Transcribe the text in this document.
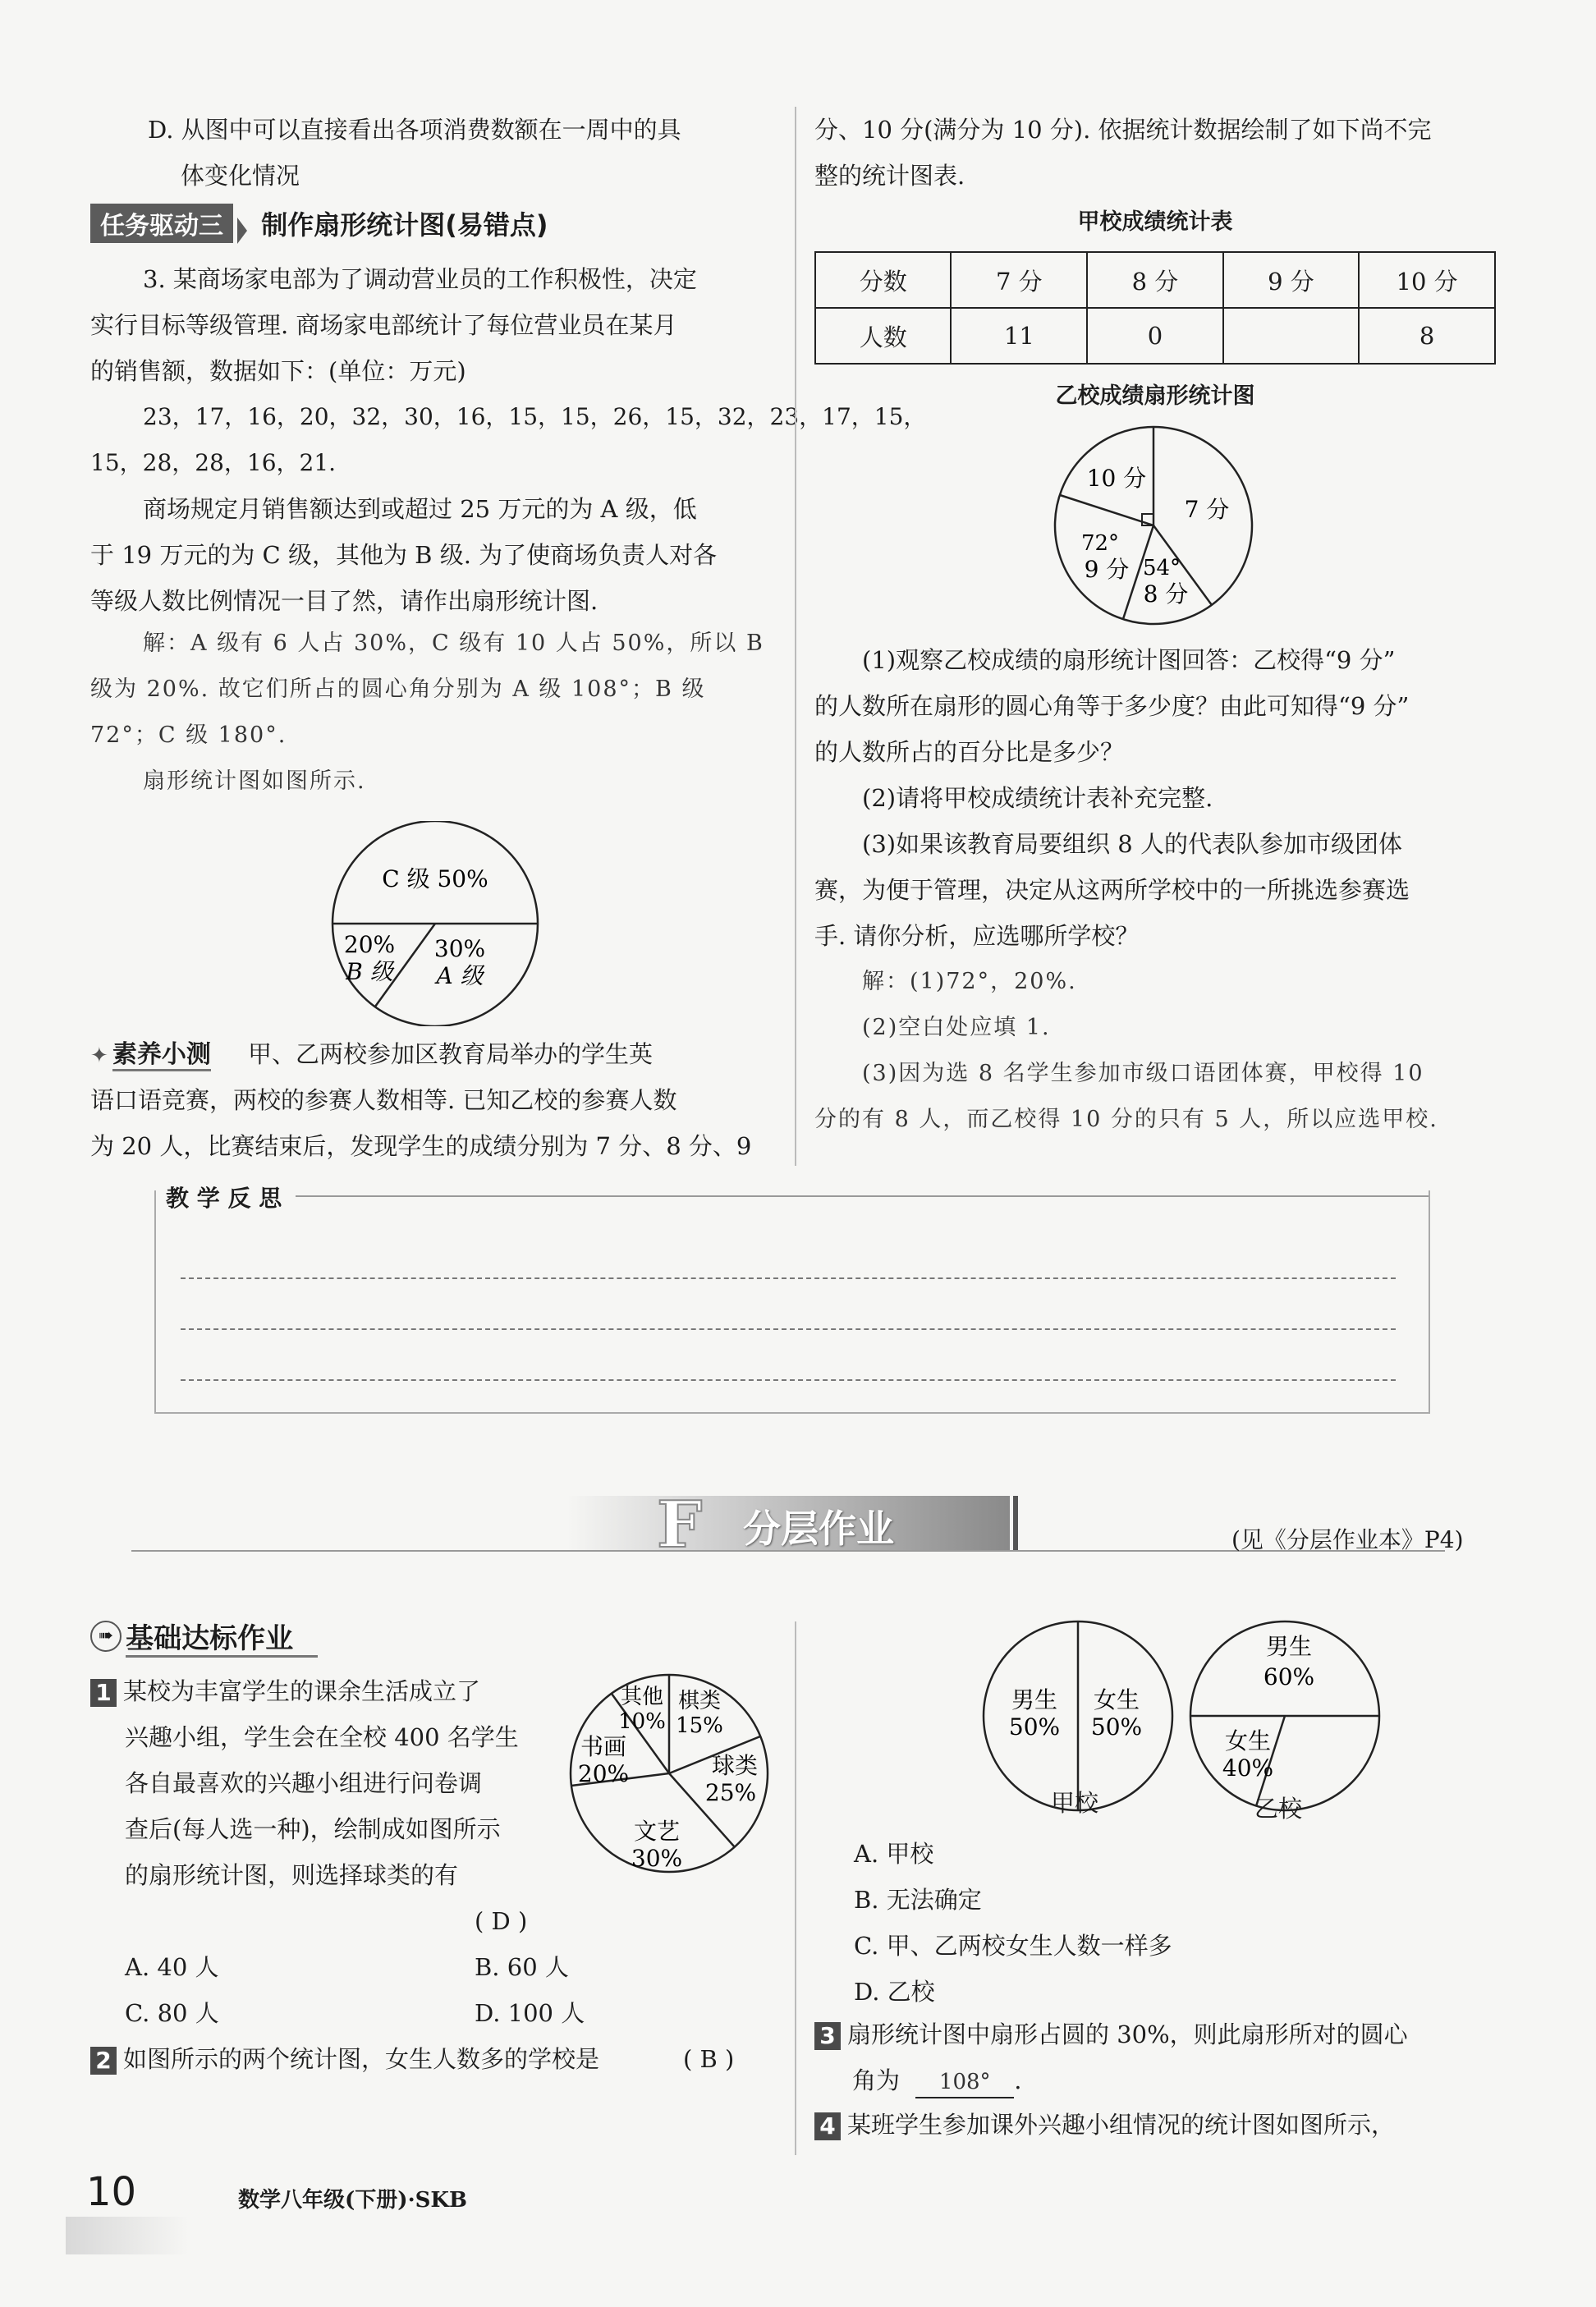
D. 从图中可以直接看出各项消费数额在一周中的具
体变化情况
任务驱动三 制作扇形统计图(易错点)
3. 某商场家电部为了调动营业员的工作积极性，决定
实行目标等级管理. 商场家电部统计了每位营业员在某月
的销售额，数据如下：(单位：万元)
23，17，16，20，32，30，16，15，15，26，15，32，23，17，15，
15，28，28，16，21.
商场规定月销售额达到或超过 25 万元的为 A 级，低
于 19 万元的为 C 级，其他为 B 级. 为了使商场负责人对各
等级人数比例情况一目了然，请作出扇形统计图.
解：A 级有 6 人占 30%，C 级有 10 人占 50%，所以 B
级为 20%. 故它们所占的圆心角分别为 A 级 108°；B 级
72°；C 级 180°.
扇形统计图如图所示.
C 级 50%
20%
B 级
30%
A 级
✦ 素养小测 甲、乙两校参加区教育局举办的学生英
语口语竞赛，两校的参赛人数相等. 已知乙校的参赛人数
为 20 人，比赛结束后，发现学生的成绩分别为 7 分、8 分、9
分、10 分(满分为 10 分). 依据统计数据绘制了如下尚不完
整的统计图表.
甲校成绩统计表
分数	7 分	8 分	9 分	10 分
人数	11	0		8
乙校成绩扇形统计图
10 分
7 分
72°
9 分 54°
8 分
(1)观察乙校成绩的扇形统计图回答：乙校得“9 分”
的人数所在扇形的圆心角等于多少度？由此可知得“9 分”
的人数所占的百分比是多少？
(2)请将甲校成绩统计表补充完整.
(3)如果该教育局要组织 8 人的代表队参加市级团体
赛，为便于管理，决定从这两所学校中的一所挑选参赛选
手. 请你分析，应选哪所学校？
解：(1)72°，20%.
(2)空白处应填 1.
(3)因为选 8 名学生参加市级口语团体赛，甲校得 10
分的有 8 人，而乙校得 10 分的只有 5 人，所以应选甲校.
教 学 反 思
F 分层作业	(见《分层作业本》P4)
➠ 基础达标作业
1 某校为丰富学生的课余生活成立了
兴趣小组，学生会在全校 400 名学生
各自最喜欢的兴趣小组进行问卷调
查后(每人选一种)，绘制成如图所示
的扇形统计图，则选择球类的有
其他
10%
棋类
15%
球类
25%
文艺
30%
书画
20%
( D )
A. 40 人	B. 60 人
C. 80 人	D. 100 人
2 如图所示的两个统计图，女生人数多的学校是	( B )
男生
50%
女生
50%
甲校
男生
60%
女生
40%
乙校
A. 甲校
B. 无法确定
C. 甲、乙两校女生人数一样多
D. 乙校
3 扇形统计图中扇形占圆的 30%，则此扇形所对的圆心
角为 108° .
4 某班学生参加课外兴趣小组情况的统计图如图所示，
10	数学八年级(下册)·SKB
